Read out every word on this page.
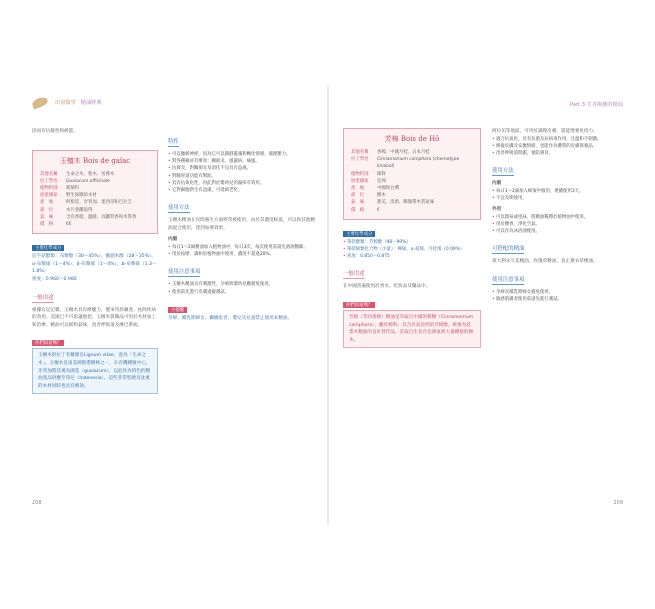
出窗醫學 精油經典	Part 3 芳香療癒的精油
因而有抗敏性和緩能。
玉檀木 Bois de gaïac
其他名稱	生命之木、聖木、送葬木
拉丁學名	Guaiacum officinale
植物科別	蒺藜科
原產國家	野生採擷的木材
產　地	阿根廷、牙買加、墨西哥和巴拉圭
部　位	木片蒸餾取得
氣　味	含有香脂、溫暖、具鐵質香和木質香
價　格	€€
主要化學成分
倍半萜醇類：布藜醇（30～45%），癒創木醇（28～35%）、α-布藜烯（1～4%）、β-布藜烯（1～4%）、Δ-布藜烯（1.3～1.8%）
密度：0.960～0.980
一般用途
根據官記記載，玉檀木具有療癒力，歷來用於礦產、祛除疾病的效用。美國已不可思議地把，玉檀木裝飾品可用於木材加工和治療，精油可以緩和氣味，改善呼吸道及淋巴系統。
你們知道嗎？
玉檀木的拉丁名稱源自Lignum vitae，意為「生命之木」。玉檀木是南美洲熱帶樹林之一，在有機種植中心，牙買加將其視為國花（guaiacum），以此作為特色的精油產品供應至印尼（Indonesia），這些非常堅硬及沈重的木材同時也具有療效。
特性
• 可以撫緩神經，因為它可以鎮靜靈魂和轉化情緒，處理壓力。
• 對各種痛症有療效：關節炎、風濕病、痛風。
• 抗發炎，對關節炎及消化不良具有益處。
• 對腸胃道功能有幫助。
• 具有抗氧化性，因此對於嬰幼兒的濕疹有效用。
• 它對細胞新生有益處，可延緩老化。
使用方法
玉檀木精油在民間養生方面經常被使用，由於其濃度較低，可以和其他精油混合使用，達到加乘效果。
內服
• 每日1～2滴精油加入植物油中，每日3次，每次使用前請先諮詢醫師。
• 用於按摩，調和於植物油中使用，濃度不超過20%。
使用注意事項
• 玉檀木精油具有刺激性，孕婦與嬰幼兒應避免使用。
• 使用前先進行皮膚過敏測試。
小提醒
孕婦、哺乳期婦女、癲癇患者、嬰兒及兒童禁止使用本精油。
芳樟 Bois de Hô
其他名稱	香樟、中國月桂、日本月桂
拉丁學名	Cinnamomum camphora (chemotype linalool)
植物科別	樟科
原產國家	亞洲
產　地	中國和台灣
部　位	樹木
氣　味	甜美、清新、略微帶木質氣味
價　格	€
主要化學成分
• 單萜醇類：芳樟醇（98～99%）
• 單萜烯類化合物（少量）：檸烯、α-蒎烯、月桂烯（0.09%）
• 密度：0.850～0.875
一般用途
在中國普遍使用於香水、化妝品及藥品中。
你們知道嗎？
芳樟（等同香樟）精油是萃取自中國的樟樹（Cinnamomum camphora），屬於樟科。其含有高比例的芳樟醇，被視為花梨木精油的良好替代品，是取自生長在亞洲並被大量種植的樹木。
阿拉伯等地區，可用於調理皮膚，還能增強免疫力。
• 適合抗氧化，具有抗菌及抗病毒作用，且溫和不刺激。
• 修復皮膚及安撫情緒，也能作為優質的皮膚保養品。
• 改善呼吸道問題，預防感冒。
使用方法
內服
• 每日1～2滴加入蜂蜜中服用，連續使用3天。
• 不宜長期使用。
外用
• 可以擦抹或塗抹，將精油稀釋於植物油中使用。
• 用於擴香，淨化空氣。
• 可以作為沐浴油使用。
可搭配的精油
義大利永久花精油、玫瑰草精油、真正薰衣草精油。
使用注意事項
• 孕婦及哺乳期婦女避免使用。
• 敏感肌膚者使用前請先進行測試。
208	209
